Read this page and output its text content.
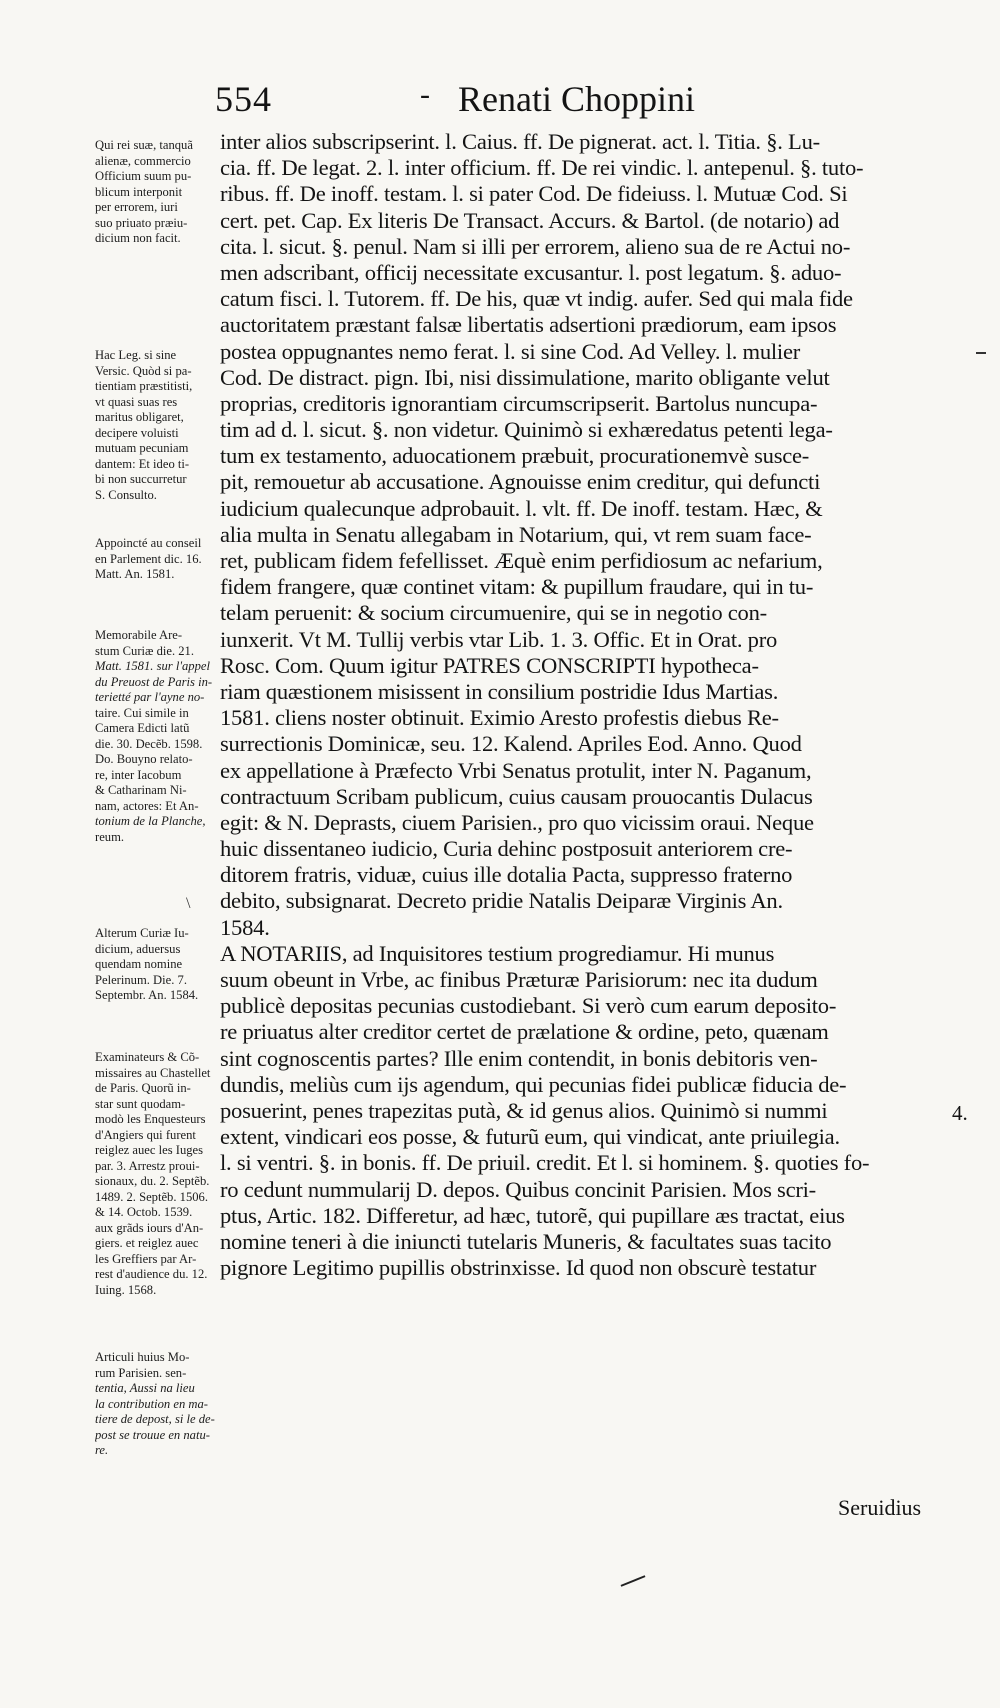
554	- Renati Choppini
Qui rei suæ, tanquã
alienæ, commercio
Officium suum pu-
blicum interponit
per errorem, iuri
suo priuato præiu-
dicium non facit.
Hac Leg. si sine
Versic. Quòd si pa-
tientiam præstitisti,
vt quasi suas res
maritus obligaret,
decipere voluisti
mutuam pecuniam
dantem: Et ideo ti-
bi non succurretur
S. Consulto.
Appoincté au conseil
en Parlement dic. 16.
Matt. An. 1581.
Memorabile Are-
stum Curiæ die. 21.
Matt. 1581. sur l'appel
du Preuost de Paris in-
terietté par l'ayne no-
taire. Cui simile in
Camera Edicti latũ
die. 30. Decẽb. 1598.
Do. Bouyno relato-
re, inter Iacobum
& Catharinam Ni-
nam, actores: Et An-
tonium de la Planche,
reum.
Alterum Curiæ Iu-
dicium, aduersus
quendam nomine
Pelerinum. Die. 7.
Septembr. An. 1584.
Examinateurs & Cõ-
missaires au Chastellet
de Paris. Quorũ in-
star sunt quodam-
modò les Enquesteurs
d'Angiers qui furent
reiglez auec les Iuges
par. 3. Arrestz proui-
sionaux, du. 2. Septẽb.
1489. 2. Septẽb. 1506.
& 14. Octob. 1539.
aux grãds iours d'An-
giers. et reiglez auec
les Greffiers par Ar-
rest d'audience du. 12.
Iuing. 1568.
Articuli huius Mo-
rum Parisien. sen-
tentia, Aussi na lieu
la contribution en ma-
tiere de depost, si le de-
post se trouue en natu-
re.
inter alios subscripserint. l. Caius. ff. De pignerat. act. l. Titia. §. Lu-
cia. ff. De legat. 2. l. inter officium. ff. De rei vindic. l. antepenul. §. tuto-
ribus. ff. De inoff. testam. l. si pater Cod. De fideiuss. l. Mutuæ Cod. Si
cert. pet. Cap. Ex literis De Transact. Accurs. & Bartol. (de notario) ad
cita. l. sicut. §. penul. Nam si illi per errorem, alieno sua de re Actui no-
men adscribant, officij necessitate excusantur. l. post legatum. §. aduo-
catum fisci. l. Tutorem. ff. De his, quæ vt indig. aufer. Sed qui mala fide
auctoritatem præstant falsæ libertatis adsertioni prædiorum, eam ipsos
postea oppugnantes nemo ferat. l. si sine Cod. Ad Velley. l. mulier
Cod. De distract. pign. Ibi, nisi dissimulatione, marito obligante velut
proprias, creditoris ignorantiam circumscripserit. Bartolus nuncupa-
tim ad d. l. sicut. §. non videtur. Quinimò si exhæredatus petenti lega-
tum ex testamento, aduocationem præbuit, procurationemvè susce-
pit, remouetur ab accusatione. Agnouisse enim creditur, qui defuncti
iudicium qualecunque adprobauit. l. vlt. ff. De inoff. testam. Hæc, &
alia multa in Senatu allegabam in Notarium, qui, vt rem suam face-
ret, publicam fidem fefellisset. Æquè enim perfidiosum ac nefarium,
fidem frangere, quæ continet vitam: & pupillum fraudare, qui in tu-
telam peruenit: & socium circumuenire, qui se in negotio con-
iunxerit. Vt M. Tullij verbis vtar Lib. 1. 3. Offic. Et in Orat. pro
Rosc. Com. Quum igitur PATRES CONSCRIPTI hypotheca-
riam quæstionem misissent in consilium postridie Idus Martias.
1581. cliens noster obtinuit. Eximio Aresto profestis diebus Re-
surrectionis Dominicæ, seu. 12. Kalend. Apriles Eod. Anno. Quod
ex appellatione à Præfecto Vrbi Senatus protulit, inter N. Paganum,
contractuum Scribam publicum, cuius causam prouocantis Dulacus
egit: & N. Deprasts, ciuem Parisien., pro quo vicissim oraui. Neque
huic dissentaneo iudicio, Curia dehinc postposuit anteriorem cre-
ditorem fratris, viduæ, cuius ille dotalia Pacta, suppresso fraterno
debito, subsignarat. Decreto pridie Natalis Deiparæ Virginis An.
1584.
A NOTARIIS, ad Inquisitores testium progrediamur. Hi munus
suum obeunt in Vrbe, ac finibus Præturæ Parisiorum: nec ita dudum
publicè depositas pecunias custodiebant. Si verò cum earum deposito-
re priuatus alter creditor certet de prælatione & ordine, peto, quænam
sint cognoscentis partes? Ille enim contendit, in bonis debitoris ven-
dundis, meliùs cum ijs agendum, qui pecunias fidei publicæ fiducia de-
posuerint, penes trapezitas putà, & id genus alios. Quinimò si nummi
extent, vindicari eos posse, & futurũ eum, qui vindicat, ante priuilegia.
l. si ventri. §. in bonis. ff. De priuil. credit. Et l. si hominem. §. quoties fo-
ro cedunt nummularij D. depos. Quibus concinit Parisien. Mos scri-
ptus, Artic. 182. Differetur, ad hæc, tutorẽ, qui pupillare æs tractat, eius
nomine teneri à die iniuncti tutelaris Muneris, & facultates suas tacito
pignore Legitimo pupillis obstrinxisse. Id quod non obscurè testatur
4.
Seruidius
\
